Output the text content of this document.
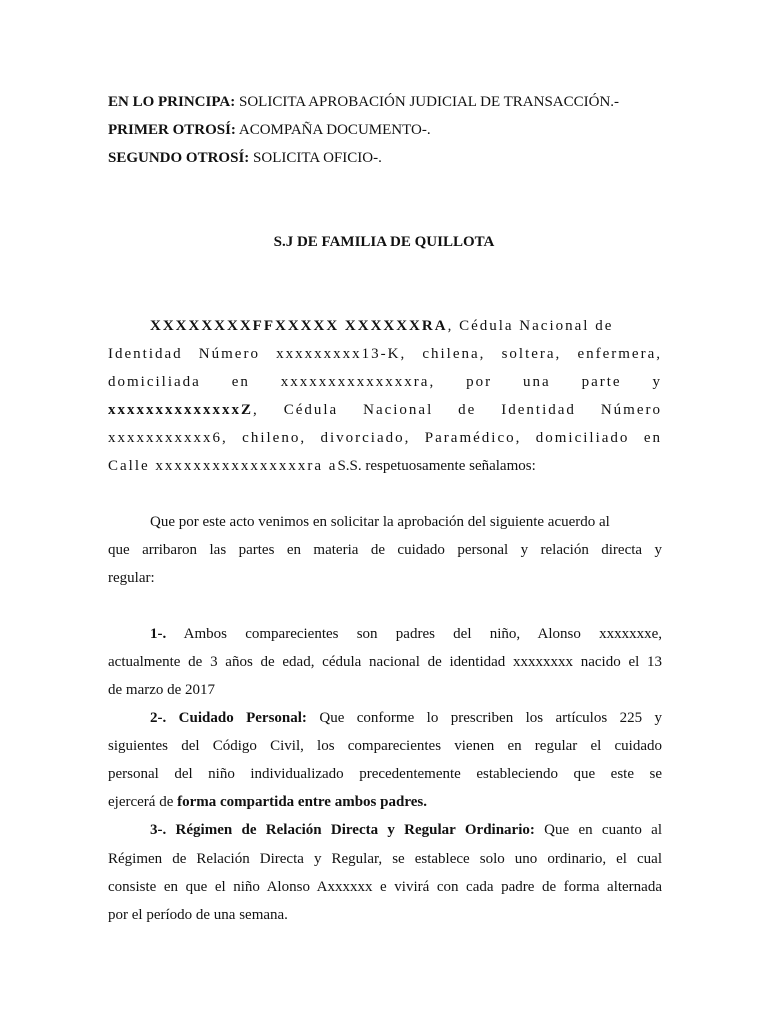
EN LO PRINCIPA: SOLICITA APROBACIÓN JUDICIAL DE TRANSACCIÓN.-
PRIMER OTROSÍ: ACOMPAÑA DOCUMENTO-.
SEGUNDO OTROSÍ: SOLICITA OFICIO-.
S.J DE FAMILIA DE QUILLOTA
XXXXXXXXFFXXXXX XXXXXXRA, Cédula Nacional de
Identidad Número xxxxxxxxx13-K, chilena, soltera, enfermera,
domiciliada en xxxxxxxxxxxxxxra, por una parte y
xxxxxxxxxxxxxxZ, Cédula Nacional de Identidad Número
xxxxxxxxxxx6, chileno, divorciado, Paramédico, domiciliado en
Calle xxxxxxxxxxxxxxxxra aS.S. respetuosamente señalamos:
Que por este acto venimos en solicitar la aprobación del siguiente acuerdo al
que arribaron las partes en materia de cuidado personal y relación directa y
regular:
1-. Ambos comparecientes son padres del niño, Alonso xxxxxxxe,
actualmente de 3 años de edad, cédula nacional de identidad xxxxxxxx nacido el 13
de marzo de 2017
2-. Cuidado Personal: Que conforme lo prescriben los artículos 225 y
siguientes del Código Civil, los comparecientes vienen en regular el cuidado
personal del niño individualizado precedentemente estableciendo que este se
ejercerá de forma compartida entre ambos padres.
3-. Régimen de Relación Directa y Regular Ordinario: Que en cuanto al
Régimen de Relación Directa y Regular, se establece solo uno ordinario, el cual
consiste en que el niño Alonso Axxxxxx e vivirá con cada padre de forma alternada
por el período de una semana.
